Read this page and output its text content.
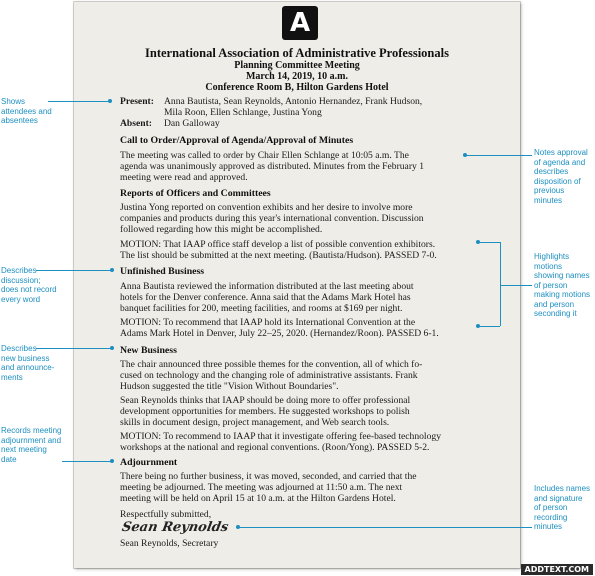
A
International Association of Administrative Professionals
Planning Committee Meeting
March 14, 2019, 10 a.m.
Conference Room B, Hilton Gardens Hotel
Present: Anna Bautista, Sean Reynolds, Antonio Hernandez, Frank Hudson,
Mila Roon, Ellen Schlange, Justina Yong
Absent: Dan Galloway
Call to Order/Approval of Agenda/Approval of Minutes
The meeting was called to order by Chair Ellen Schlange at 10:05 a.m. The
agenda was unanimously approved as distributed. Minutes from the February 1
meeting were read and approved.
Reports of Officers and Committees
Justina Yong reported on convention exhibits and her desire to involve more
companies and products during this year's international convention. Discussion
followed regarding how this might be accomplished.
MOTION: That IAAP office staff develop a list of possible convention exhibitors.
The list should be submitted at the next meeting. (Bautista/Hudson). PASSED 7-0.
Unfinished Business
Anna Bautista reviewed the information distributed at the last meeting about
hotels for the Denver conference. Anna said that the Adams Mark Hotel has
banquet facilities for 200, meeting facilities, and rooms at $169 per night.
MOTION: To recommend that IAAP hold its International Convention at the
Adams Mark Hotel in Denver, July 22–25, 2020. (Hernandez/Roon). PASSED 6-1.
New Business
The chair announced three possible themes for the convention, all of which fo-
cused on technology and the changing role of administrative assistants. Frank
Hudson suggested the title "Vision Without Boundaries".
Sean Reynolds thinks that IAAP should be doing more to offer professional
development opportunities for members. He suggested workshops to polish
skills in document design, project management, and Web search tools.
MOTION: To recommend to IAAP that it investigate offering fee-based technology
workshops at the national and regional conventions. (Roon/Yong). PASSED 5-2.
Adjournment
There being no further business, it was moved, seconded, and carried that the
meeting be adjourned. The meeting was adjourned at 11:50 a.m. The next
meeting will be held on April 15 at 10 a.m. at the Hilton Gardens Hotel.
Respectfully submitted,
Sean Reynolds
Sean Reynolds, Secretary
Shows
attendees and
absentees
Describes
discussion;
does not record
every word
Describes
new business
and announce-
ments
Records meeting
adjournment and
next meeting
date
Notes approval
of agenda and
describes
disposition of
previous
minutes
Highlights
motions
showing names
of person
making motions
and person
seconding it
Includes names
and signature
of person
recording
minutes
ADDTEXT.COM
